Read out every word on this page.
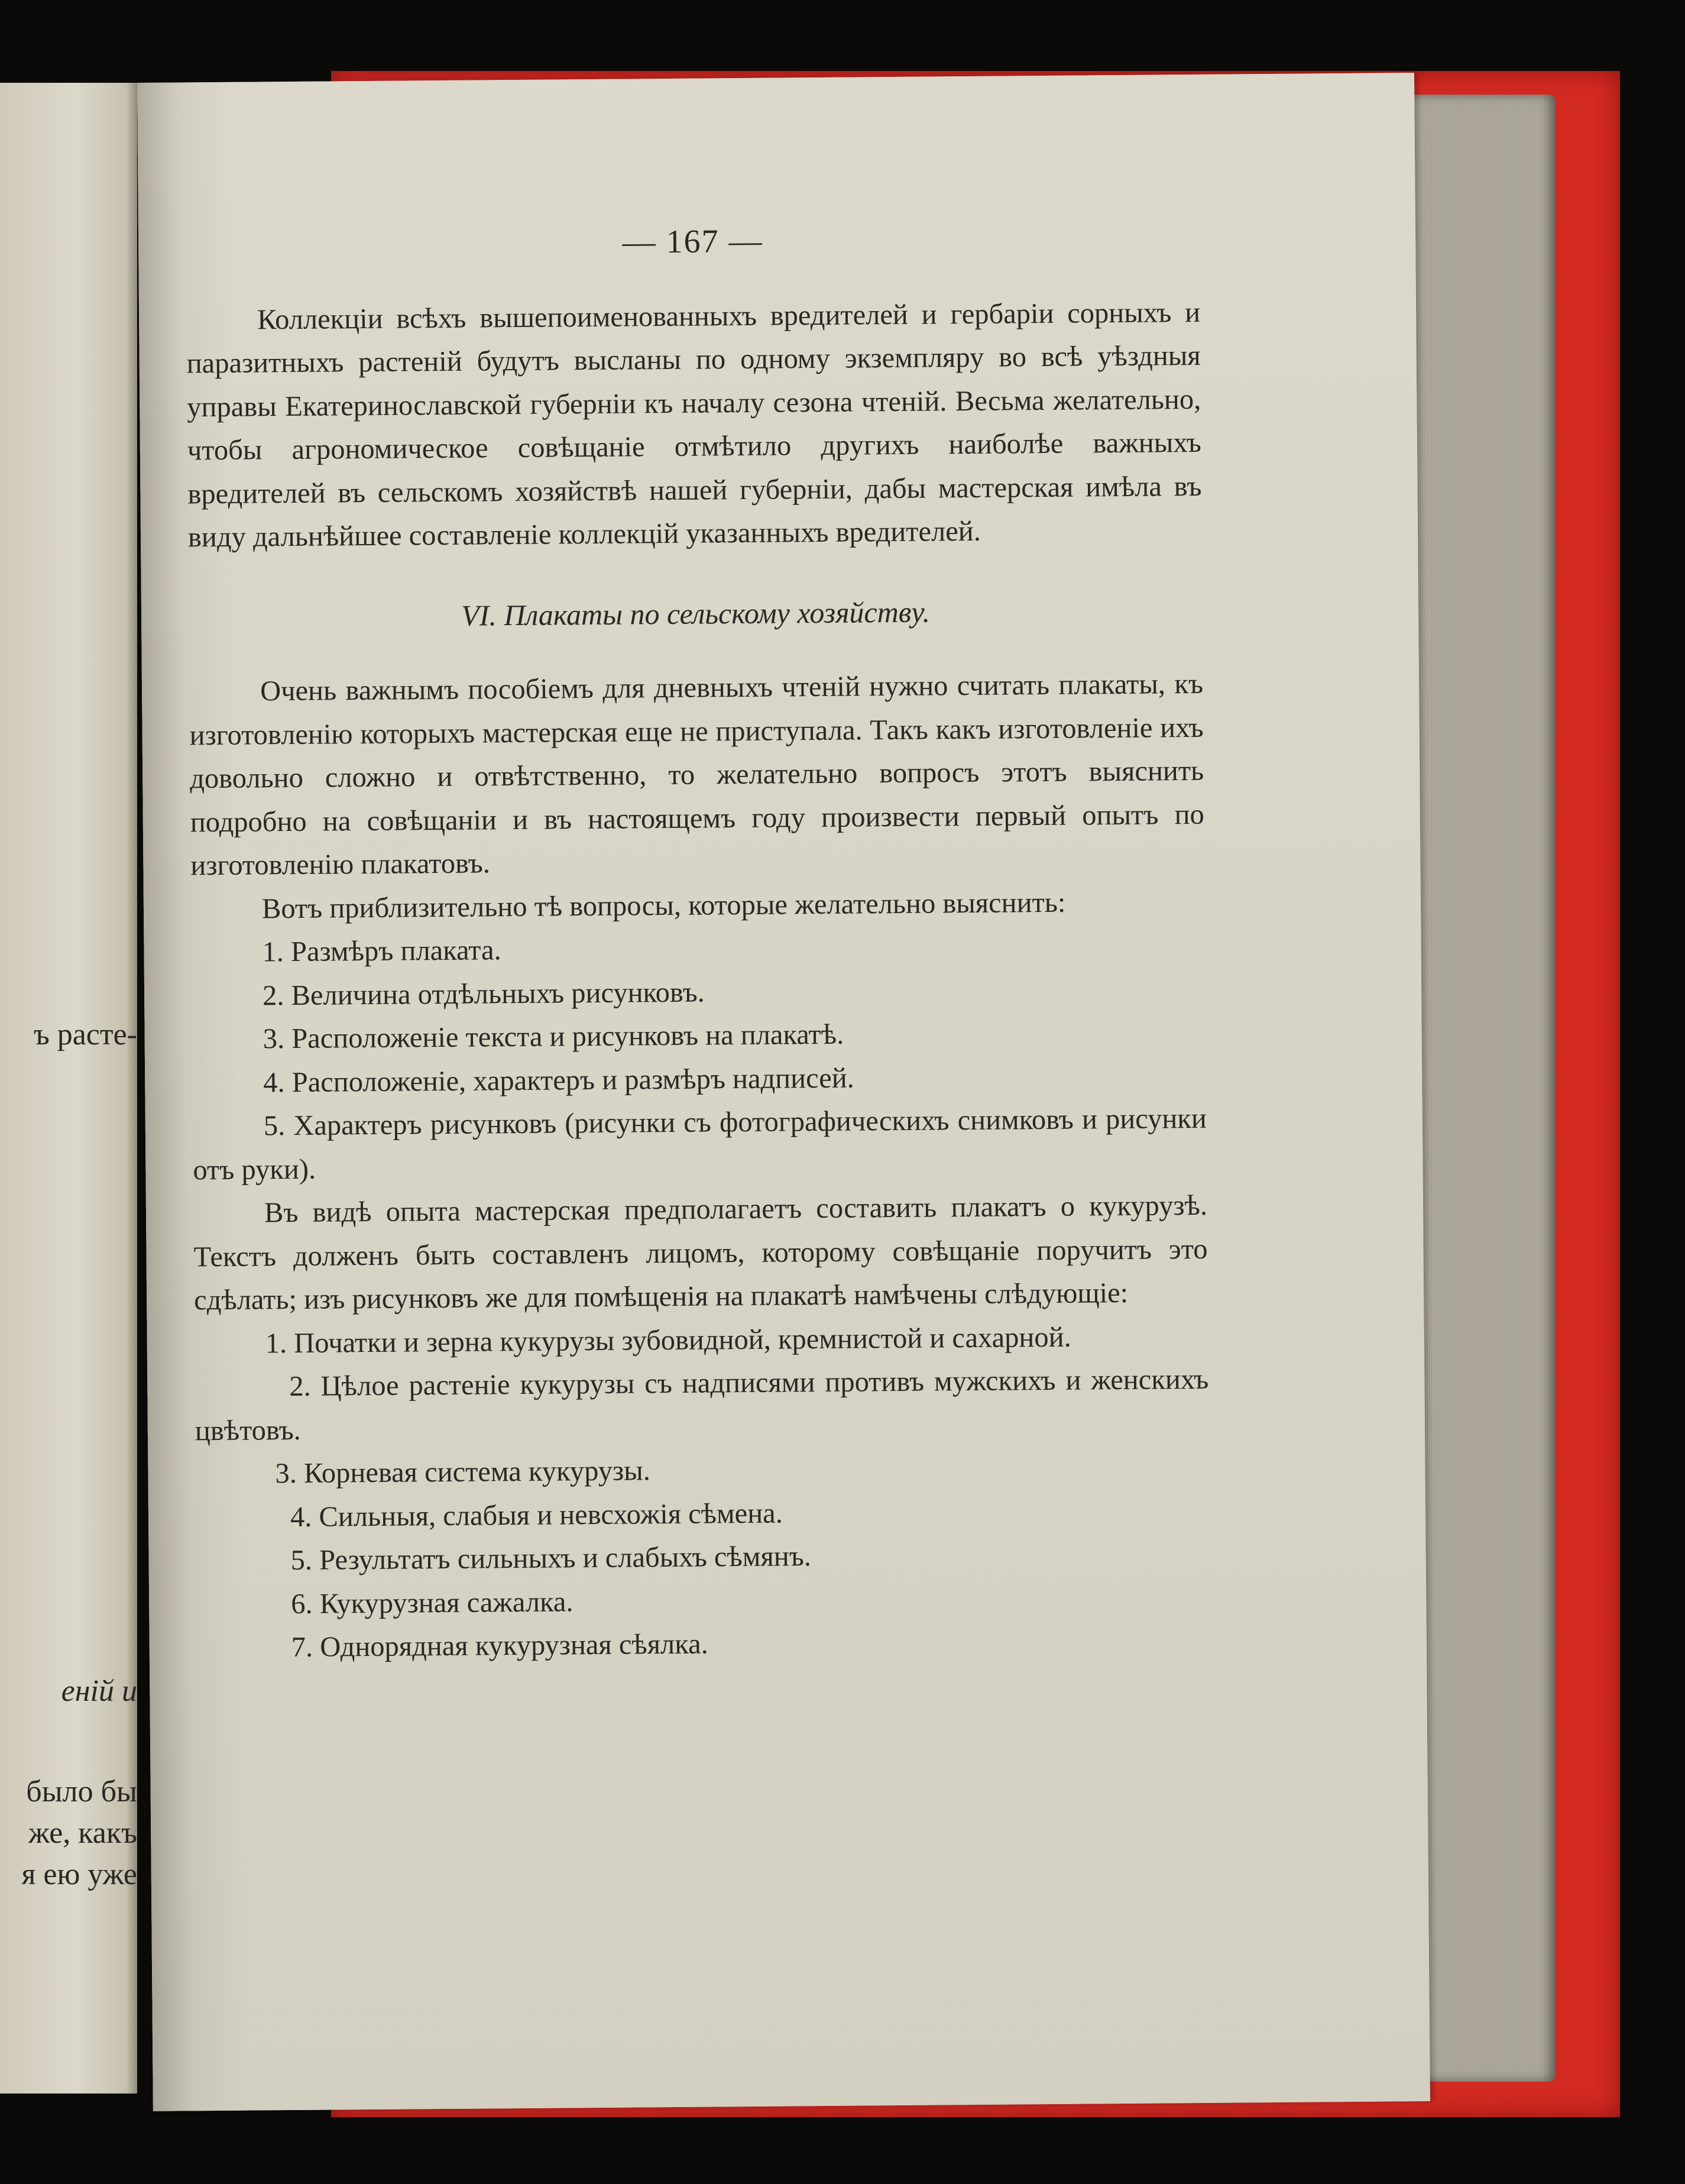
ъ расте-
еній и
было бы
же, какъ
я ею уже
— 167 —

Коллекціи всѣхъ вышепоименованныхъ вредителей и гербаріи сорныхъ и паразитныхъ растеній будутъ высланы по одному экземпляру во всѣ уѣздныя управы Екатеринославской губерніи къ началу сезона чтеній. Весьма желательно, чтобы агрономическое совѣщаніе отмѣтило другихъ наиболѣе важныхъ вредителей въ сельскомъ хозяйствѣ нашей губерніи, дабы мастерская имѣла въ виду дальнѣйшее составленіе коллекцій указанныхъ вредителей.

VI. Плакаты по сельскому хозяйству.

Очень важнымъ пособіемъ для дневныхъ чтеній нужно считать плакаты, къ изготовленію которыхъ мастерская еще не приступала. Такъ какъ изготовленіе ихъ довольно сложно и отвѣтственно, то желательно вопросъ этотъ выяснить подробно на совѣщаніи и въ настоящемъ году произвести первый опытъ по изготовленію плакатовъ.

Вотъ приблизительно тѣ вопросы, которые желательно выяснить:

1. Размѣръ плаката.

2. Величина отдѣльныхъ рисунковъ.

3. Расположеніе текста и рисунковъ на плакатѣ.

4. Расположеніе, характеръ и размѣръ надписей.

5. Характеръ рисунковъ (рисунки съ фотографическихъ снимковъ и рисунки отъ руки).

Въ видѣ опыта мастерская предполагаетъ составить плакатъ о кукурузѣ. Текстъ долженъ быть составленъ лицомъ, которому совѣщаніе поручитъ это сдѣлать; изъ рисунковъ же для помѣщенія на плакатѣ намѣчены слѣдующіе:

1. Початки и зерна кукурузы зубовидной, кремнистой и сахарной.

2. Цѣлое растеніе кукурузы съ надписями противъ мужскихъ и женскихъ цвѣтовъ.

3. Корневая система кукурузы.

4. Сильныя, слабыя и невсхожія сѣмена.

5. Результатъ сильныхъ и слабыхъ сѣмянъ.

6. Кукурузная сажалка.

7. Однорядная кукурузная сѣялка.
